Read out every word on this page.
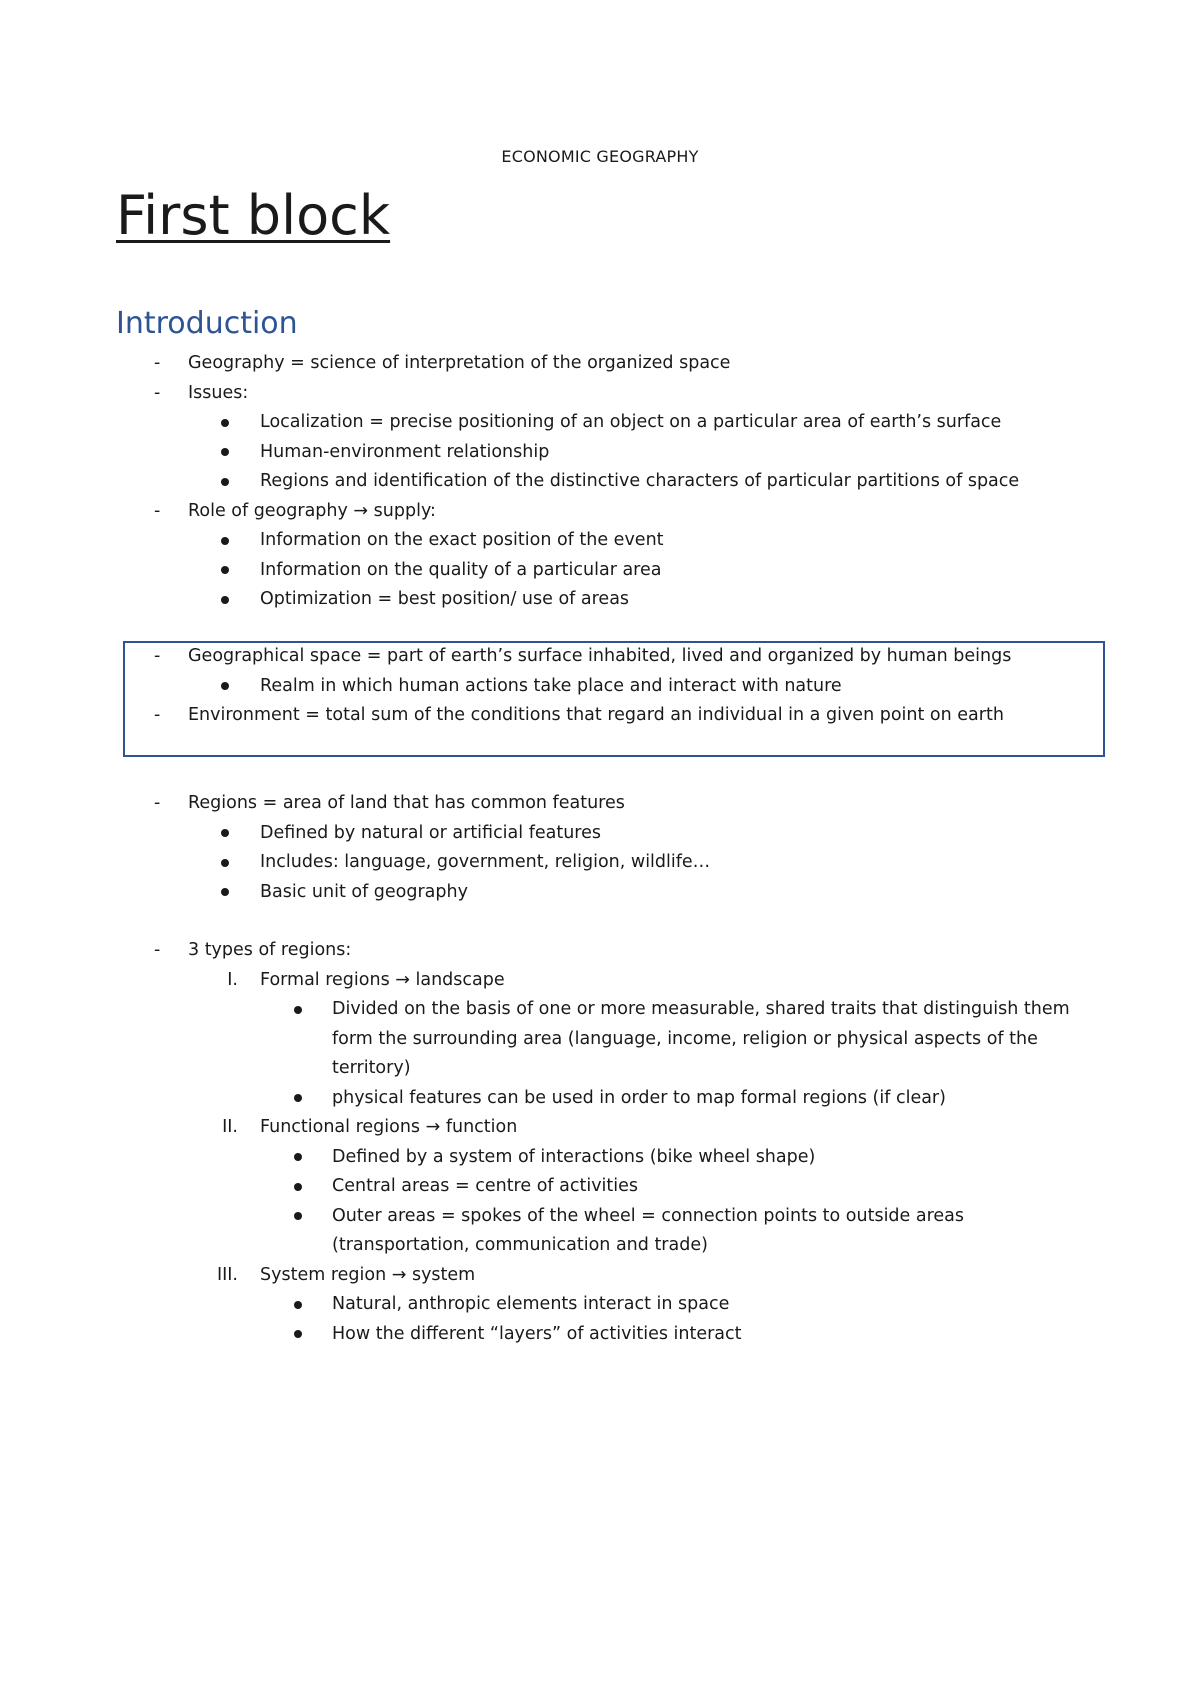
ECONOMIC GEOGRAPHY
First block
Introduction
- Geography = science of interpretation of the organized space
- Issues:
Localization = precise positioning of an object on a particular area of earth’s surface
Human-environment relationship
Regions and identification of the distinctive characters of particular partitions of space
- Role of geography → supply:
Information on the exact position of the event
Information on the quality of a particular area
Optimization = best position/ use of areas
- Geographical space = part of earth’s surface inhabited, lived and organized by human beings
Realm in which human actions take place and interact with nature
- Environment = total sum of the conditions that regard an individual in a given point on earth
- Regions = area of land that has common features
Defined by natural or artificial features
Includes: language, government, religion, wildlife…
Basic unit of geography
- 3 types of regions:
I. Formal regions → landscape
Divided on the basis of one or more measurable, shared traits that distinguish them
form the surrounding area (language, income, religion or physical aspects of the
territory)
physical features can be used in order to map formal regions (if clear)
II. Functional regions → function
Defined by a system of interactions (bike wheel shape)
Central areas = centre of activities
Outer areas = spokes of the wheel = connection points to outside areas
(transportation, communication and trade)
III. System region → system
Natural, anthropic elements interact in space
How the different “layers” of activities interact
